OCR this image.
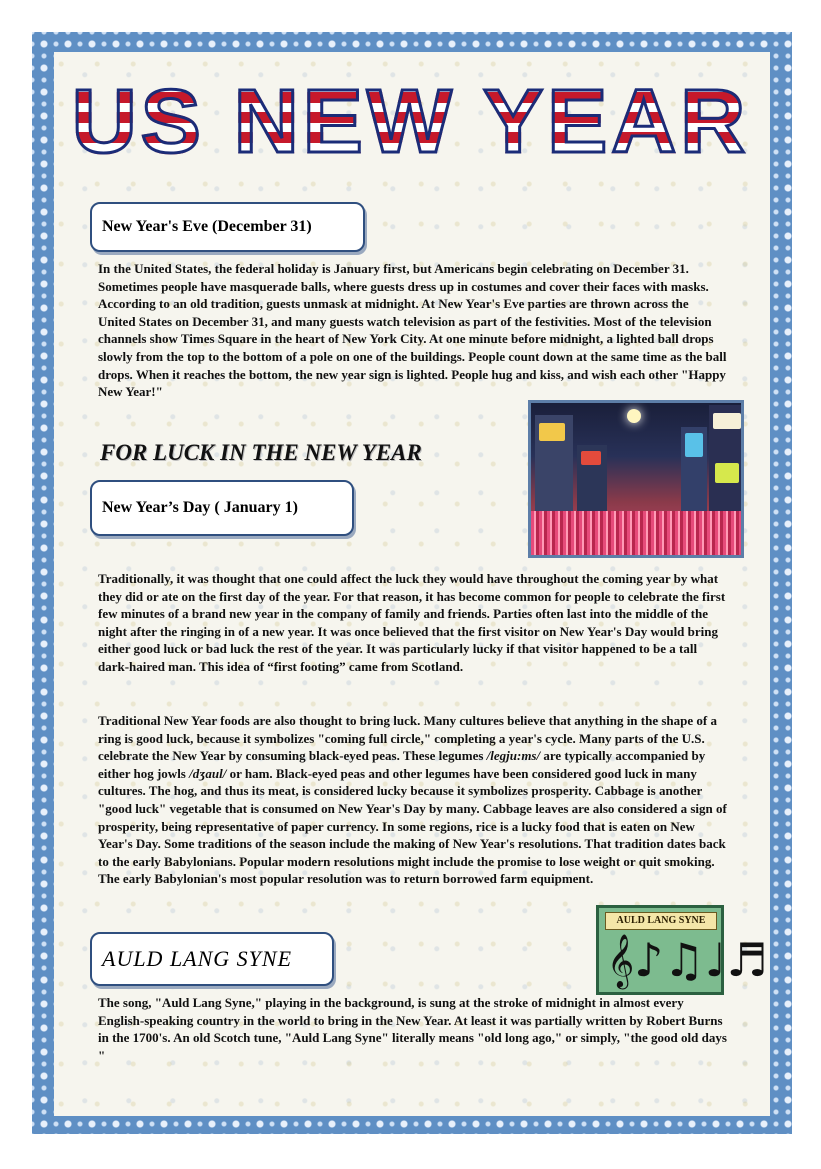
US NEW YEAR
New Year's Eve (December 31)

In the United States, the federal holiday is January first, but Americans begin celebrating on December 31. Sometimes people have masquerade balls, where guests dress up in costumes and cover their faces with masks. According to an old tradition, guests unmask at midnight. At New Year's Eve parties are thrown across the United States on December 31, and many guests watch television as part of the festivities. Most of the television channels show Times Square in the heart of New York City. At one minute before midnight, a lighted ball drops slowly from the top to the bottom of a pole on one of the buildings. People count down at the same time as the ball drops. When it reaches the bottom, the new year sign is lighted. People hug and kiss, and wish each other "Happy New Year!"

FOR LUCK IN THE NEW YEAR
New Year’s Day ( January 1)

Traditionally, it was thought that one could affect the luck they would have throughout the coming year by what they did or ate on the first day of the year. For that reason, it has become common for people to celebrate the first few minutes of a brand new year in the company of family and friends. Parties often last into the middle of the night after the ringing in of a new year. It was once believed that the first visitor on New Year's Day would bring either good luck or bad luck the rest of the year. It was particularly lucky if that visitor happened to be a tall dark-haired man. This idea of “first footing” came from Scotland.

Traditional New Year foods are also thought to bring luck. Many cultures believe that anything in the shape of a ring is good luck, because it symbolizes "coming full circle," completing a year's cycle. Many parts of the U.S. celebrate the New Year by consuming black-eyed peas. These legumes /legju:ms/ are typically accompanied by either hog jowls /dʒaul/ or ham. Black-eyed peas and other legumes have been considered good luck in many cultures. The hog, and thus its meat, is considered lucky because it symbolizes prosperity. Cabbage is another "good luck" vegetable that is consumed on New Year's Day by many. Cabbage leaves are also considered a sign of prosperity, being representative of paper currency. In some regions, rice is a lucky food that is eaten on New Year's Day. Some traditions of the season include the making of New Year's resolutions. That tradition dates back to the early Babylonians. Popular modern resolutions might include the promise to lose weight or quit smoking. The early Babylonian's most popular resolution was to return borrowed farm equipment.

AULD LANG SYNE
𝄞♪♫♩♬
AULD LANG SYNE

The song, "Auld Lang Syne," playing in the background, is sung at the stroke of midnight in almost every English-speaking country in the world to bring in the New Year. At least it was partially written by Robert Burns in the 1700's. An old Scotch tune, "Auld Lang Syne" literally means "old long ago," or simply, "the good old days "
